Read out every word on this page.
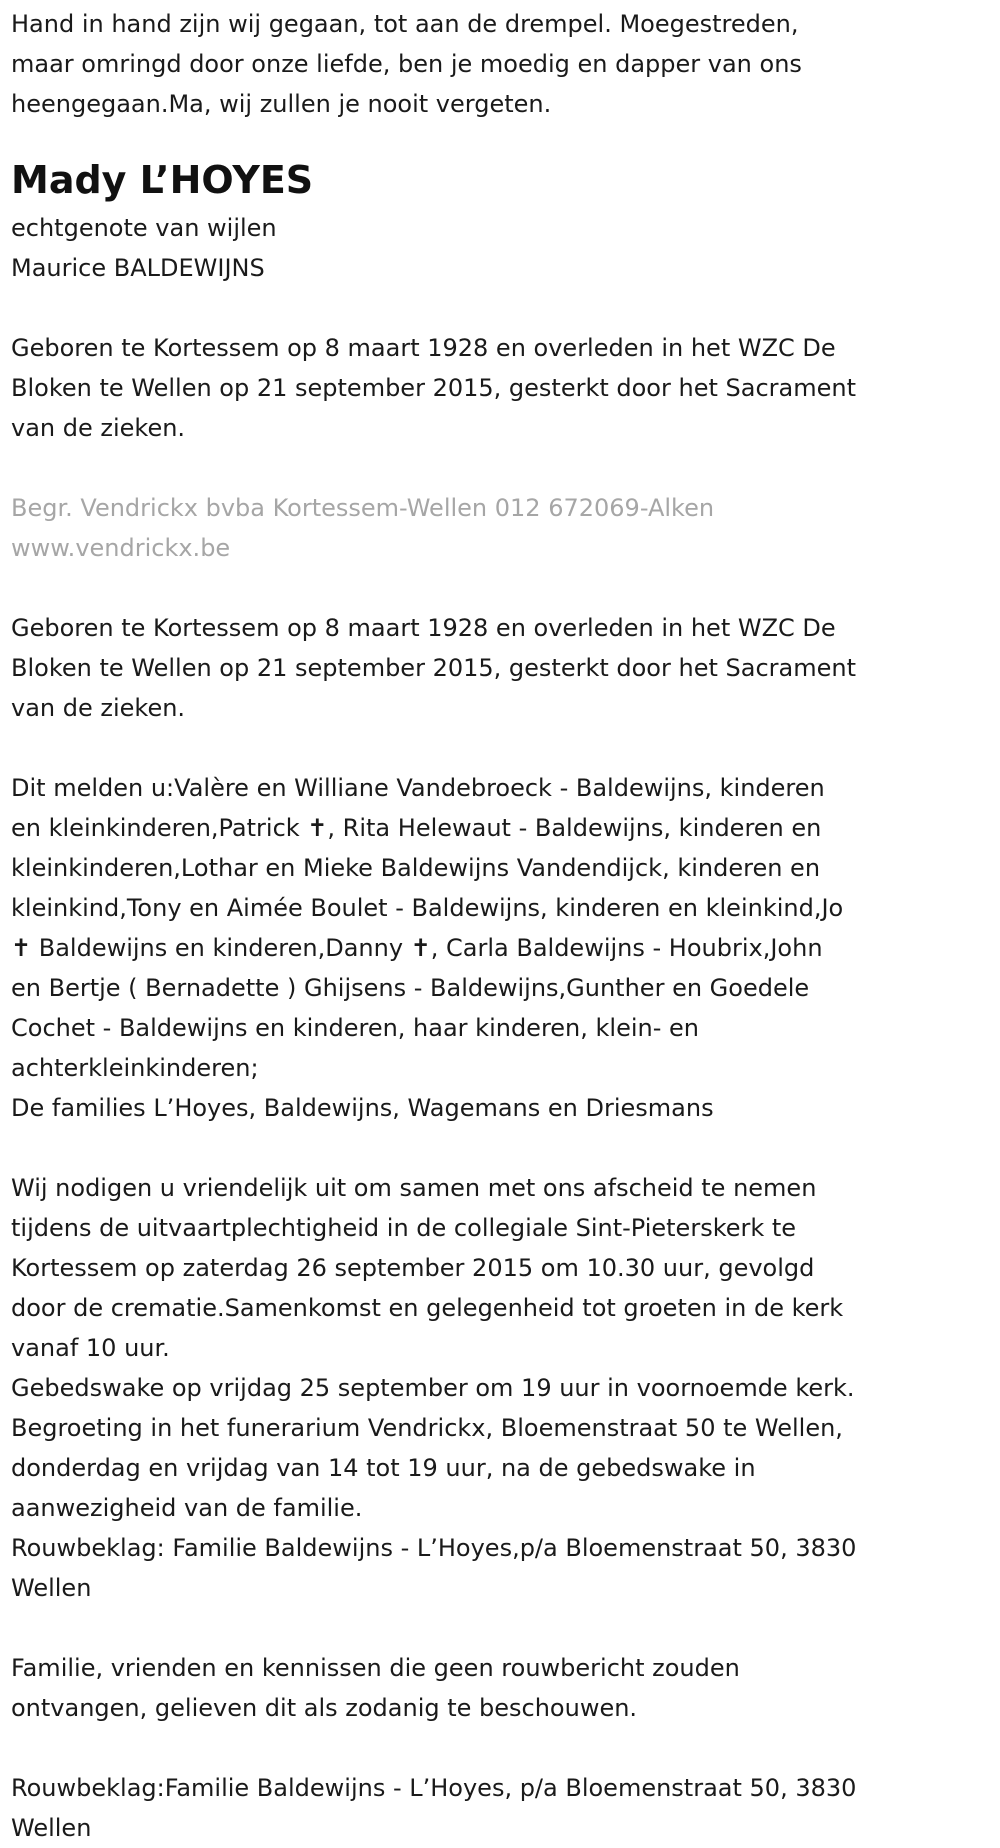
Hand in hand zijn wij gegaan, tot aan de drempel. Moegestreden, maar omringd door onze liefde, ben je moedig en dapper van ons heengegaan.Ma, wij zullen je nooit vergeten.

Mady L’HOYES

echtgenote van wijlen

Maurice BALDEWIJNS

Geboren te Kortessem op 8 maart 1928 en overleden in het WZC De Bloken te Wellen op 21 september 2015, gesterkt door het Sacrament van de zieken.

Begr. Vendrickx bvba Kortessem-Wellen 012 672069-Alken

www.vendrickx.be

Geboren te Kortessem op 8 maart 1928 en overleden in het WZC De Bloken te Wellen op 21 september 2015, gesterkt door het Sacrament van de zieken.

Dit melden u:Valère en Williane Vandebroeck - Baldewijns, kinderen en kleinkinderen,Patrick ✝, Rita Helewaut - Baldewijns, kinderen en kleinkinderen,Lothar en Mieke Baldewijns Vandendijck, kinderen en kleinkind,Tony en Aimée Boulet - Baldewijns, kinderen en kleinkind,Jo ✝ Baldewijns en kinderen,Danny ✝, Carla Baldewijns - Houbrix,John en Bertje ( Bernadette ) Ghijsens - Baldewijns,Gunther en Goedele Cochet - Baldewijns en kinderen, haar kinderen, klein- en achterkleinkinderen;
De families L’Hoyes, Baldewijns, Wagemans en Driesmans

Wij nodigen u vriendelijk uit om samen met ons afscheid te nemen tijdens de uitvaartplechtigheid in de collegiale Sint-Pieterskerk te Kortessem op zaterdag 26 september 2015 om 10.30 uur, gevolgd door de crematie.Samenkomst en gelegenheid tot groeten in de kerk vanaf 10 uur.
Gebedswake op vrijdag 25 september om 19 uur in voornoemde kerk.
Begroeting in het funerarium Vendrickx, Bloemenstraat 50 te Wellen, donderdag en vrijdag van 14 tot 19 uur, na de gebedswake in aanwezigheid van de familie.
Rouwbeklag: Familie Baldewijns - L’Hoyes,p/a Bloemenstraat 50, 3830 Wellen

Familie, vrienden en kennissen die geen rouwbericht zouden ontvangen, gelieven dit als zodanig te beschouwen.

Rouwbeklag:Familie Baldewijns - L’Hoyes, p/a Bloemenstraat 50, 3830 Wellen
